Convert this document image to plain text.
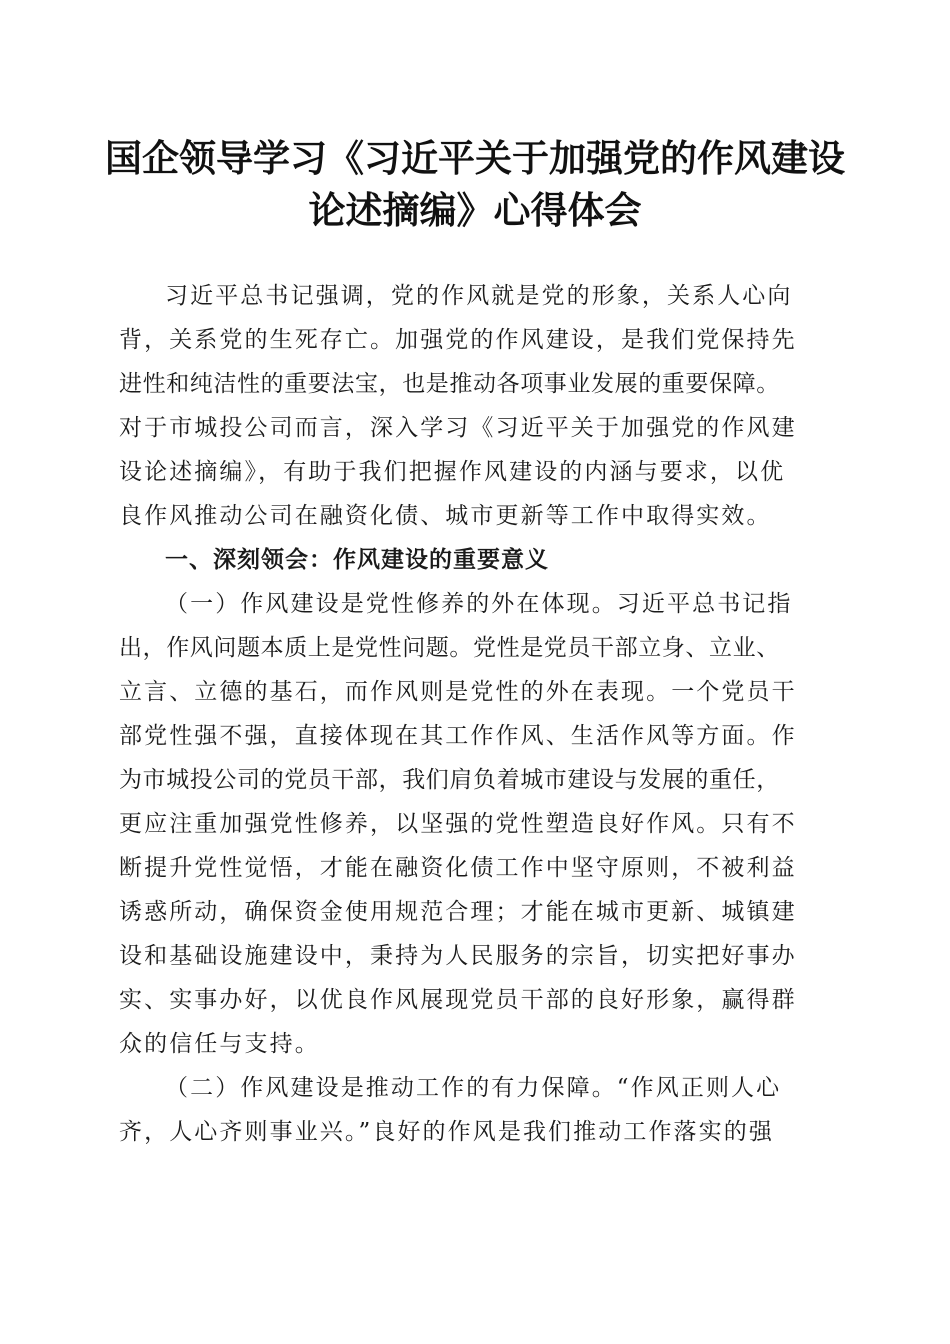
国企领导学习《习近平关于加强党的作风建设
论述摘编》心得体会
习近平总书记强调，党的作风就是党的形象，关系人心向
背，关系党的生死存亡。加强党的作风建设，是我们党保持先
进性和纯洁性的重要法宝，也是推动各项事业发展的重要保障。
对于市城投公司而言，深入学习《习近平关于加强党的作风建
设论述摘编》，有助于我们把握作风建设的内涵与要求，以优
良作风推动公司在融资化债、城市更新等工作中取得实效。
一、深刻领会：作风建设的重要意义
（一）作风建设是党性修养的外在体现。习近平总书记指
出，作风问题本质上是党性问题。党性是党员干部立身、立业、
立言、立德的基石，而作风则是党性的外在表现。一个党员干
部党性强不强，直接体现在其工作作风、生活作风等方面。作
为市城投公司的党员干部，我们肩负着城市建设与发展的重任，
更应注重加强党性修养，以坚强的党性塑造良好作风。只有不
断提升党性觉悟，才能在融资化债工作中坚守原则，不被利益
诱惑所动，确保资金使用规范合理；才能在城市更新、城镇建
设和基础设施建设中，秉持为人民服务的宗旨，切实把好事办
实、实事办好，以优良作风展现党员干部的良好形象，赢得群
众的信任与支持。
（二）作风建设是推动工作的有力保障。“作风正则人心
齐，人心齐则事业兴。”良好的作风是我们推动工作落实的强
